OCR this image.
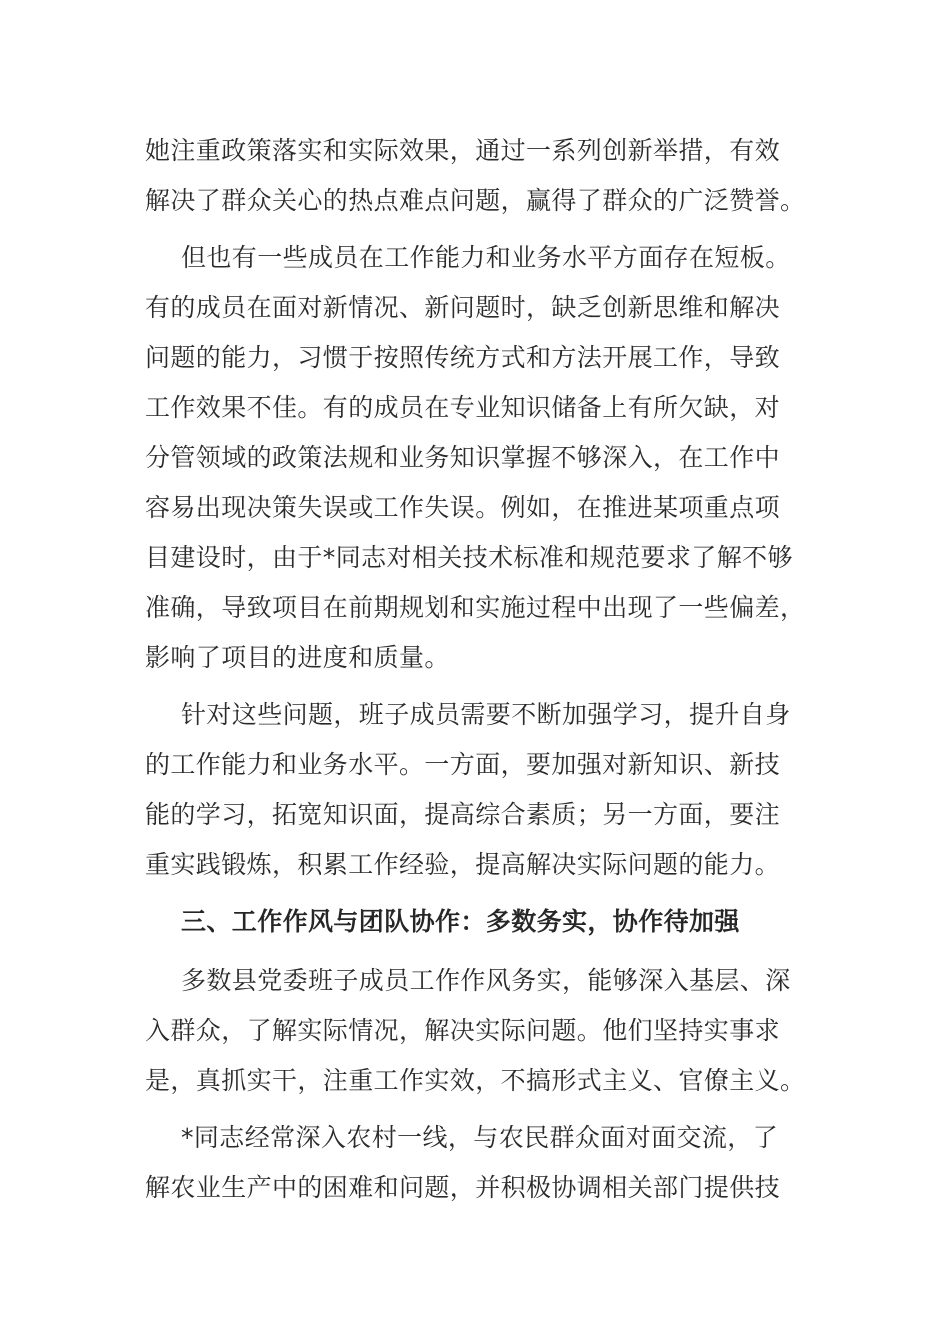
她注重政策落实和实际效果，通过一系列创新举措，有效
解决了群众关心的热点难点问题，赢得了群众的广泛赞誉。
但也有一些成员在工作能力和业务水平方面存在短板。
有的成员在面对新情况、新问题时，缺乏创新思维和解决
问题的能力，习惯于按照传统方式和方法开展工作，导致
工作效果不佳。有的成员在专业知识储备上有所欠缺，对
分管领域的政策法规和业务知识掌握不够深入，在工作中
容易出现决策失误或工作失误。例如，在推进某项重点项
目建设时，由于*同志对相关技术标准和规范要求了解不够
准确，导致项目在前期规划和实施过程中出现了一些偏差，
影响了项目的进度和质量。
针对这些问题，班子成员需要不断加强学习，提升自身
的工作能力和业务水平。一方面，要加强对新知识、新技
能的学习，拓宽知识面，提高综合素质；另一方面，要注
重实践锻炼，积累工作经验，提高解决实际问题的能力。
三、工作作风与团队协作：多数务实，协作待加强
多数县党委班子成员工作作风务实，能够深入基层、深
入群众，了解实际情况，解决实际问题。他们坚持实事求
是，真抓实干，注重工作实效，不搞形式主义、官僚主义。
*同志经常深入农村一线，与农民群众面对面交流，了
解农业生产中的困难和问题，并积极协调相关部门提供技
